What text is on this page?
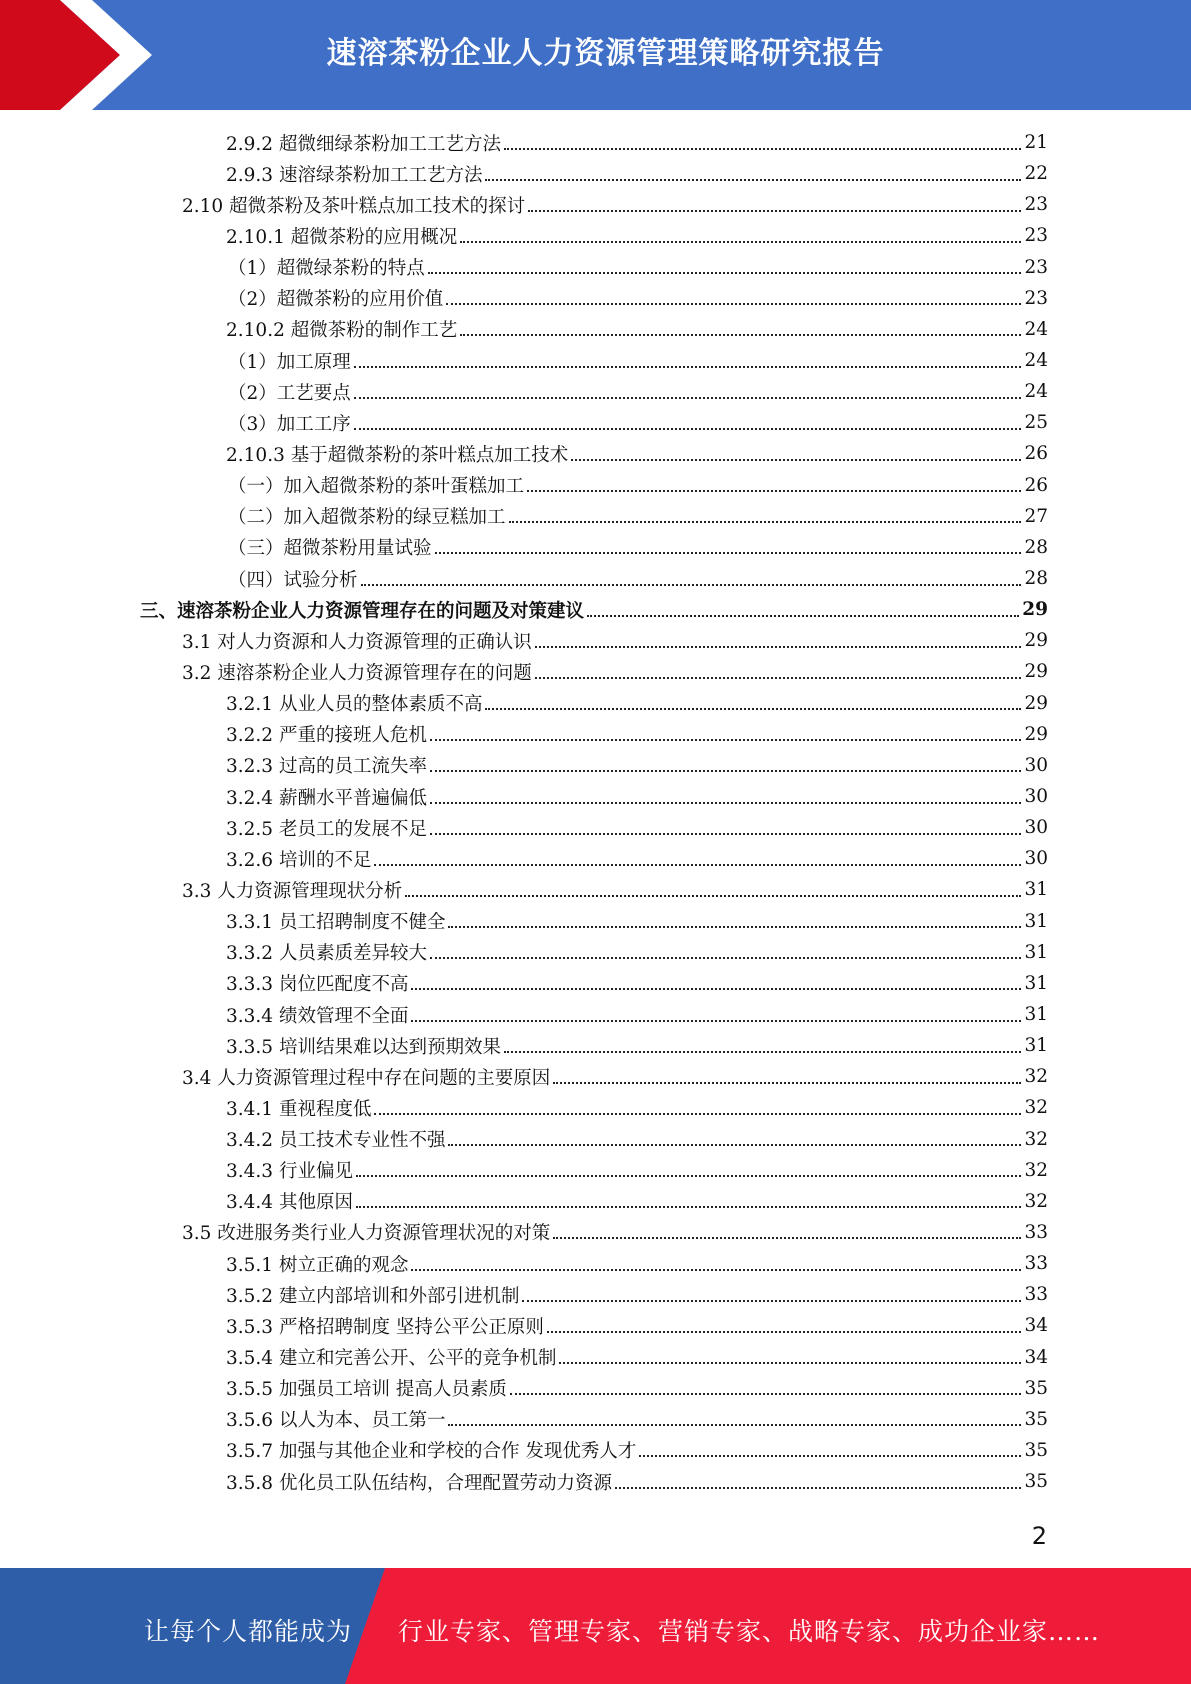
速溶茶粉企业人力资源管理策略研究报告
2.9.2 超微细绿茶粉加工工艺方法	21
2.9.3 速溶绿茶粉加工工艺方法	22
2.10 超微茶粉及茶叶糕点加工技术的探讨	23
2.10.1 超微茶粉的应用概况	23
（1）超微绿茶粉的特点	23
（2）超微茶粉的应用价值	23
2.10.2 超微茶粉的制作工艺	24
（1）加工原理	24
（2）工艺要点	24
（3）加工工序	25
2.10.3 基于超微茶粉的茶叶糕点加工技术	26
（一）加入超微茶粉的茶叶蛋糕加工	26
（二）加入超微茶粉的绿豆糕加工	27
（三）超微茶粉用量试验	28
（四）试验分析	28
三、速溶茶粉企业人力资源管理存在的问题及对策建议	29
3.1 对人力资源和人力资源管理的正确认识	29
3.2 速溶茶粉企业人力资源管理存在的问题	29
3.2.1 从业人员的整体素质不高	29
3.2.2 严重的接班人危机	29
3.2.3 过高的员工流失率	30
3.2.4 薪酬水平普遍偏低	30
3.2.5 老员工的发展不足	30
3.2.6 培训的不足	30
3.3 人力资源管理现状分析	31
3.3.1 员工招聘制度不健全	31
3.3.2 人员素质差异较大	31
3.3.3 岗位匹配度不高	31
3.3.4 绩效管理不全面	31
3.3.5 培训结果难以达到预期效果	31
3.4 人力资源管理过程中存在问题的主要原因	32
3.4.1 重视程度低	32
3.4.2 员工技术专业性不强	32
3.4.3 行业偏见	32
3.4.4 其他原因	32
3.5 改进服务类行业人力资源管理状况的对策	33
3.5.1 树立正确的观念	33
3.5.2 建立内部培训和外部引进机制	33
3.5.3 严格招聘制度 坚持公平公正原则	34
3.5.4 建立和完善公开、公平的竞争机制	34
3.5.5 加强员工培训 提高人员素质	35
3.5.6 以人为本、员工第一	35
3.5.7 加强与其他企业和学校的合作 发现优秀人才	35
3.5.8 优化员工队伍结构，合理配置劳动力资源	35
2
让每个人都能成为 行业专家、管理专家、营销专家、战略专家、成功企业家……
